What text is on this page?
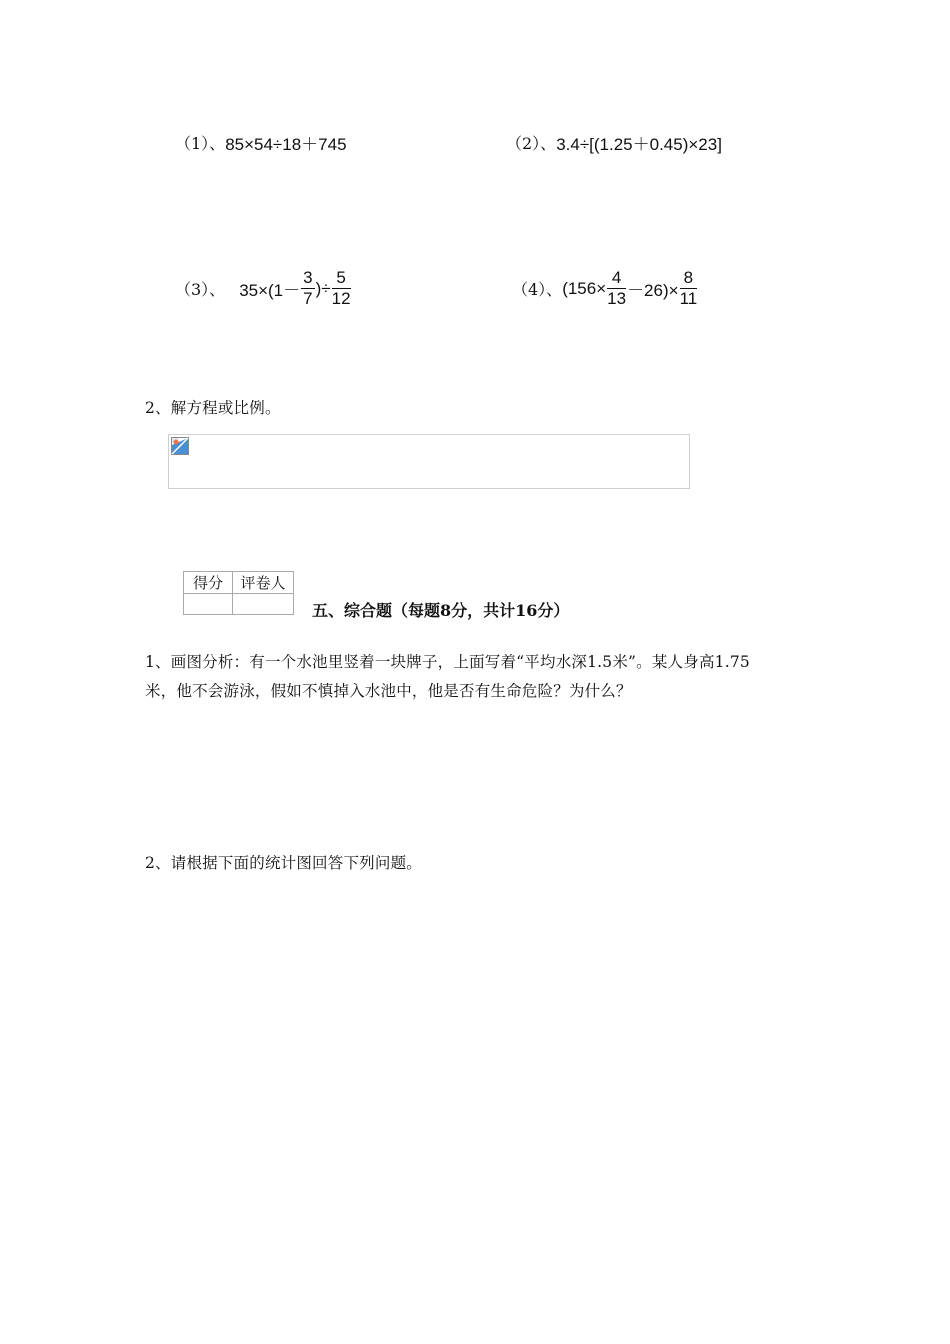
（1）、 85×54÷18＋745	（2）、 3.4÷[(1.25＋0.45)×23]
（3）、 $35\times(1- \frac{3}{7}$ )÷ $\frac{5}{12}$	（4）、 $(156\times \frac{4}{13} -26)\times \frac{8}{11}$
2、解方程或比例。
得分	评卷人

五、综合题（每题8分，共计16分）
1、画图分析：有一个水池里竖着一块牌子，上面写着“平均水深1.5米”。某人身高1.75
米，他不会游泳，假如不慎掉入水池中，他是否有生命危险？为什么？
2、请根据下面的统计图回答下列问题。
